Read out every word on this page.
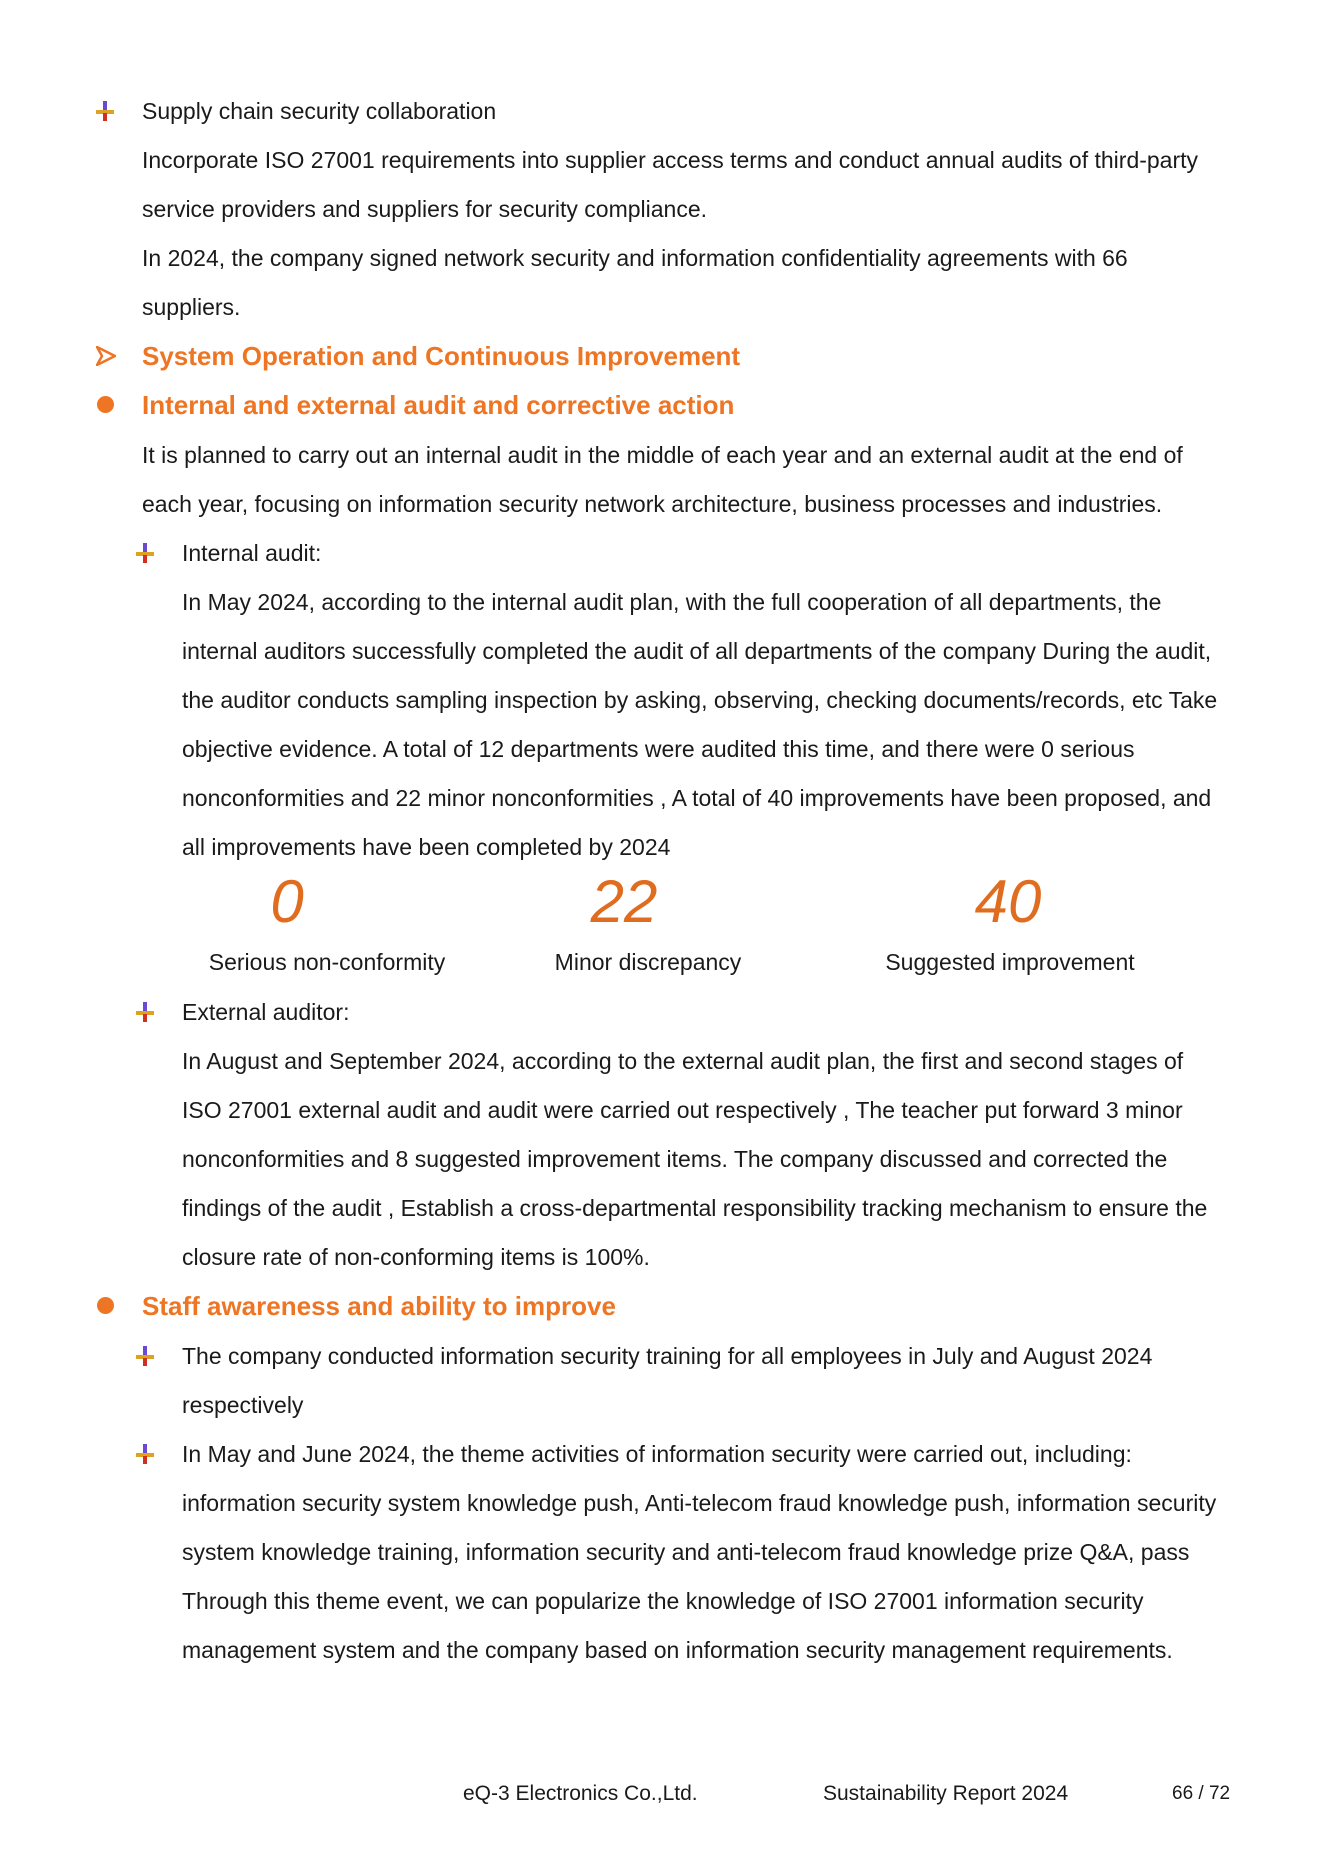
Supply chain security collaboration
Incorporate ISO 27001 requirements into supplier access terms and conduct annual audits of third-party
service providers and suppliers for security compliance.
In 2024, the company signed network security and information confidentiality agreements with 66
suppliers.
System Operation and Continuous Improvement
Internal and external audit and corrective action
It is planned to carry out an internal audit in the middle of each year and an external audit at the end of
each year, focusing on information security network architecture, business processes and industries.
Internal audit:
In May 2024, according to the internal audit plan, with the full cooperation of all departments, the
internal auditors successfully completed the audit of all departments of the company During the audit,
the auditor conducts sampling inspection by asking, observing, checking documents/records, etc Take
objective evidence. A total of 12 departments were audited this time, and there were 0 serious
nonconformities and 22 minor nonconformities , A total of 40 improvements have been proposed, and
all improvements have been completed by 2024
0	22	40
Serious non-conformity	Minor discrepancy	Suggested improvement
External auditor:
In August and September 2024, according to the external audit plan, the first and second stages of
ISO 27001 external audit and audit were carried out respectively , The teacher put forward 3 minor
nonconformities and 8 suggested improvement items. The company discussed and corrected the
findings of the audit , Establish a cross-departmental responsibility tracking mechanism to ensure the
closure rate of non-conforming items is 100%.
Staff awareness and ability to improve
The company conducted information security training for all employees in July and August 2024
respectively
In May and June 2024, the theme activities of information security were carried out, including:
information security system knowledge push, Anti-telecom fraud knowledge push, information security
system knowledge training, information security and anti-telecom fraud knowledge prize Q&A, pass
Through this theme event, we can popularize the knowledge of ISO 27001 information security
management system and the company based on information security management requirements.
eQ-3 Electronics Co.,Ltd.	Sustainability Report 2024	66 / 72
